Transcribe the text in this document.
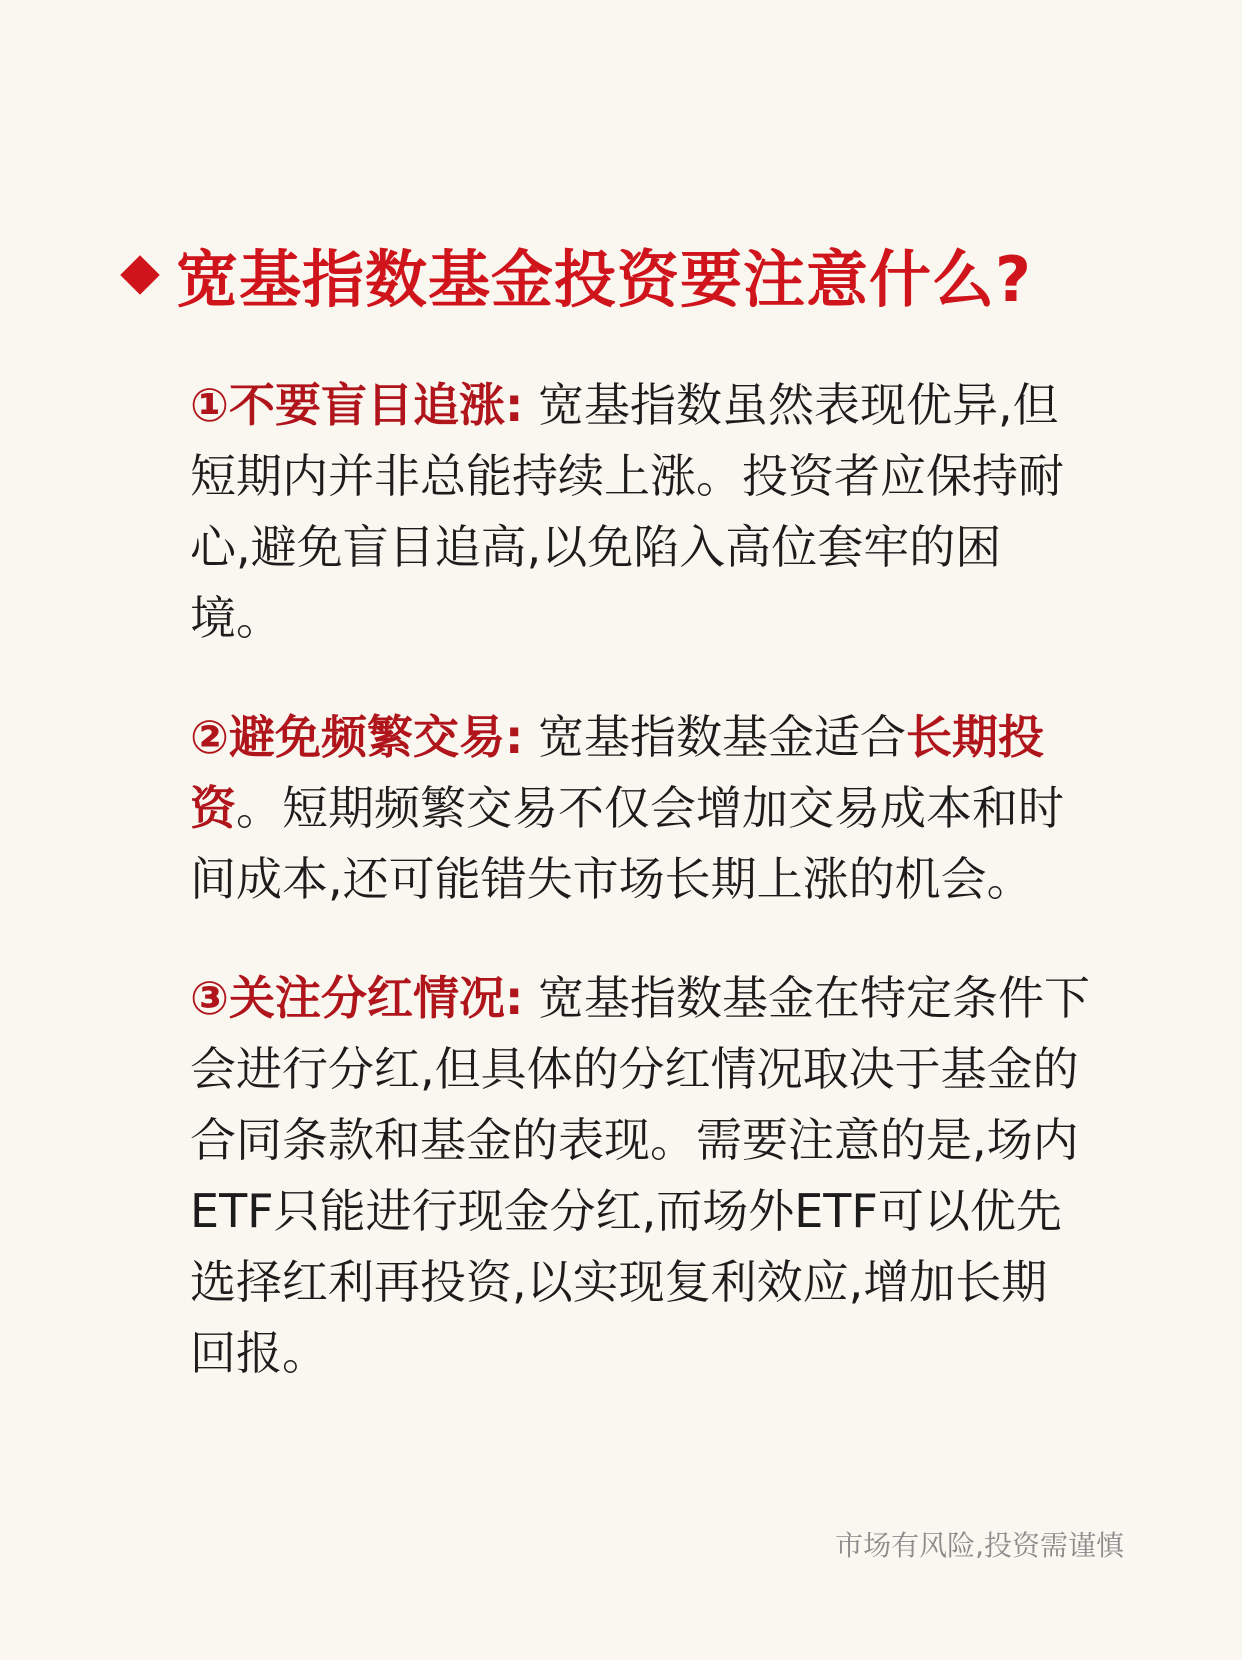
宽基指数基金投资要注意什么?

①不要盲目追涨: 宽基指数虽然表现优异,但短期内并非总能持续上涨。投资者应保持耐心,避免盲目追高,以免陷入高位套牢的困境。

②避免频繁交易: 宽基指数基金适合长期投资。短期频繁交易不仅会增加交易成本和时间成本,还可能错失市场长期上涨的机会。

③关注分红情况: 宽基指数基金在特定条件下会进行分红,但具体的分红情况取决于基金的合同条款和基金的表现。需要注意的是,场内ETF只能进行现金分红,而场外ETF可以优先选择红利再投资,以实现复利效应,增加长期回报。

市场有风险,投资需谨慎
